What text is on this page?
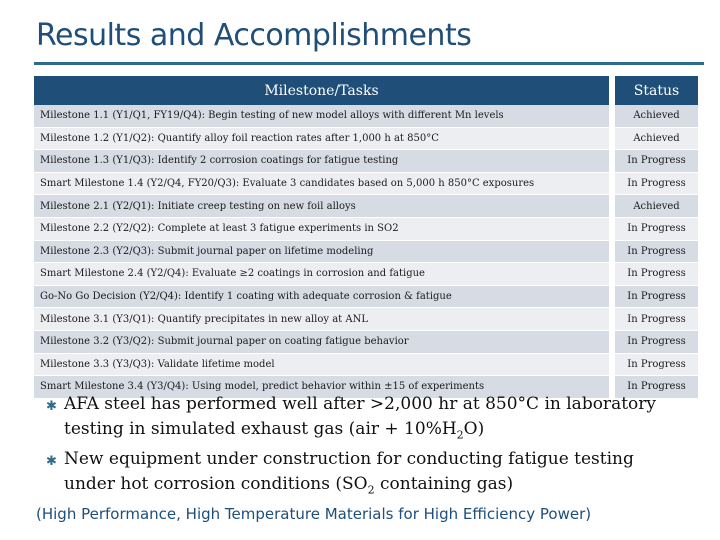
Results and Accomplishments
Milestone/Tasks	Status
Milestone 1.1 (Y1/Q1, FY19/Q4): Begin testing of new model alloys with different Mn levels	Achieved
Milestone 1.2 (Y1/Q2): Quantify alloy foil reaction rates after 1,000 h at 850°C	Achieved
Milestone 1.3 (Y1/Q3): Identify 2 corrosion coatings for fatigue testing	In Progress
Smart Milestone 1.4 (Y2/Q4, FY20/Q3): Evaluate 3 candidates based on 5,000 h 850°C exposures	In Progress
Milestone 2.1 (Y2/Q1): Initiate creep testing on new foil alloys	Achieved
Milestone 2.2 (Y2/Q2): Complete at least 3 fatigue experiments in SO2	In Progress
Milestone 2.3 (Y2/Q3): Submit journal paper on lifetime modeling	In Progress
Smart Milestone 2.4 (Y2/Q4): Evaluate ≥2 coatings in corrosion and fatigue	In Progress
Go-No Go Decision (Y2/Q4): Identify 1 coating with adequate corrosion & fatigue	In Progress
Milestone 3.1 (Y3/Q1): Quantify precipitates in new alloy at ANL	In Progress
Milestone 3.2 (Y3/Q2): Submit journal paper on coating fatigue behavior	In Progress
Milestone 3.3 (Y3/Q3): Validate lifetime model	In Progress
Smart Milestone 3.4 (Y3/Q4): Using model, predict behavior within ±15 of experiments	In Progress
✱ AFA steel has performed well after >2,000 hr at 850°C in laboratory
testing in simulated exhaust gas $(air + 10\%H_2O)$
✱ New equipment under construction for conducting fatigue testing
under hot corrosion conditions ($SO_2$ containing gas)
(High Performance, High Temperature Materials for High Efficiency Power)
